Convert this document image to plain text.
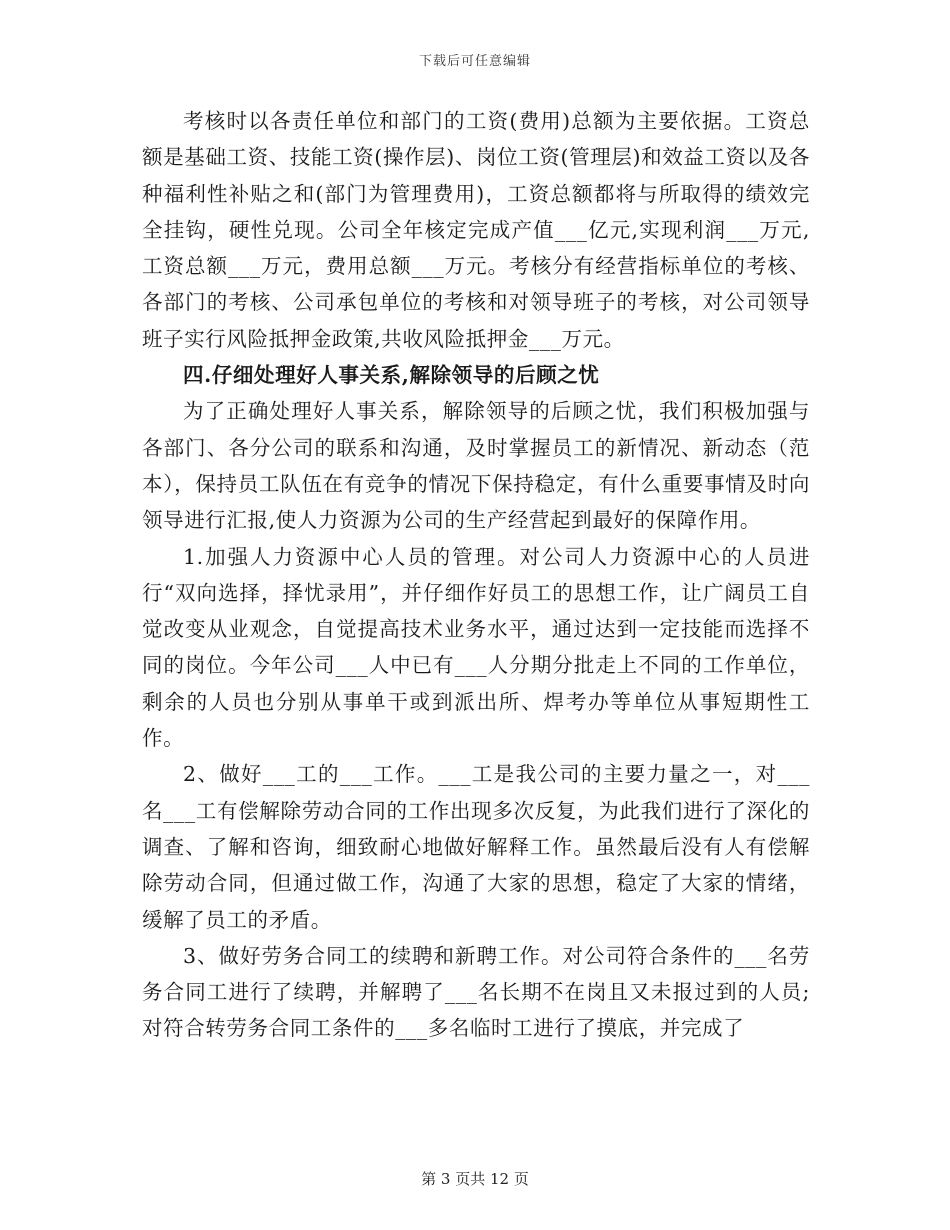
下载后可任意编辑

考核时以各责任单位和部门的工资(费用)总额为主要依据。工资总额是基础工资、技能工资(操作层)、岗位工资(管理层)和效益工资以及各种福利性补贴之和(部门为管理费用)，工资总额都将与所取得的绩效完全挂钩，硬性兑现。公司全年核定完成产值___亿元,实现利润___万元,工资总额___万元，费用总额___万元。考核分有经营指标单位的考核、各部门的考核、公司承包单位的考核和对领导班子的考核，对公司领导班子实行风险抵押金政策,共收风险抵押金___万元。

四.仔细处理好人事关系,解除领导的后顾之忧

为了正确处理好人事关系，解除领导的后顾之忧，我们积极加强与各部门、各分公司的联系和沟通，及时掌握员工的新情况、新动态（范本），保持员工队伍在有竞争的情况下保持稳定，有什么重要事情及时向领导进行汇报,使人力资源为公司的生产经营起到最好的保障作用。

1.加强人力资源中心人员的管理。对公司人力资源中心的人员进行“双向选择，择忧录用”，并仔细作好员工的思想工作，让广阔员工自觉改变从业观念，自觉提高技术业务水平，通过达到一定技能而选择不同的岗位。今年公司___人中已有___人分期分批走上不同的工作单位，剩余的人员也分别从事单干或到派出所、焊考办等单位从事短期性工作。

2、做好___工的___工作。___工是我公司的主要力量之一，对___名___工有偿解除劳动合同的工作出现多次反复，为此我们进行了深化的调查、了解和咨询，细致耐心地做好解释工作。虽然最后没有人有偿解除劳动合同，但通过做工作，沟通了大家的思想，稳定了大家的情绪，缓解了员工的矛盾。

3、做好劳务合同工的续聘和新聘工作。对公司符合条件的___名劳务合同工进行了续聘，并解聘了___名长期不在岗且又未报过到的人员;对符合转劳务合同工条件的___多名临时工进行了摸底，并完成了

第 3 页共 12 页
